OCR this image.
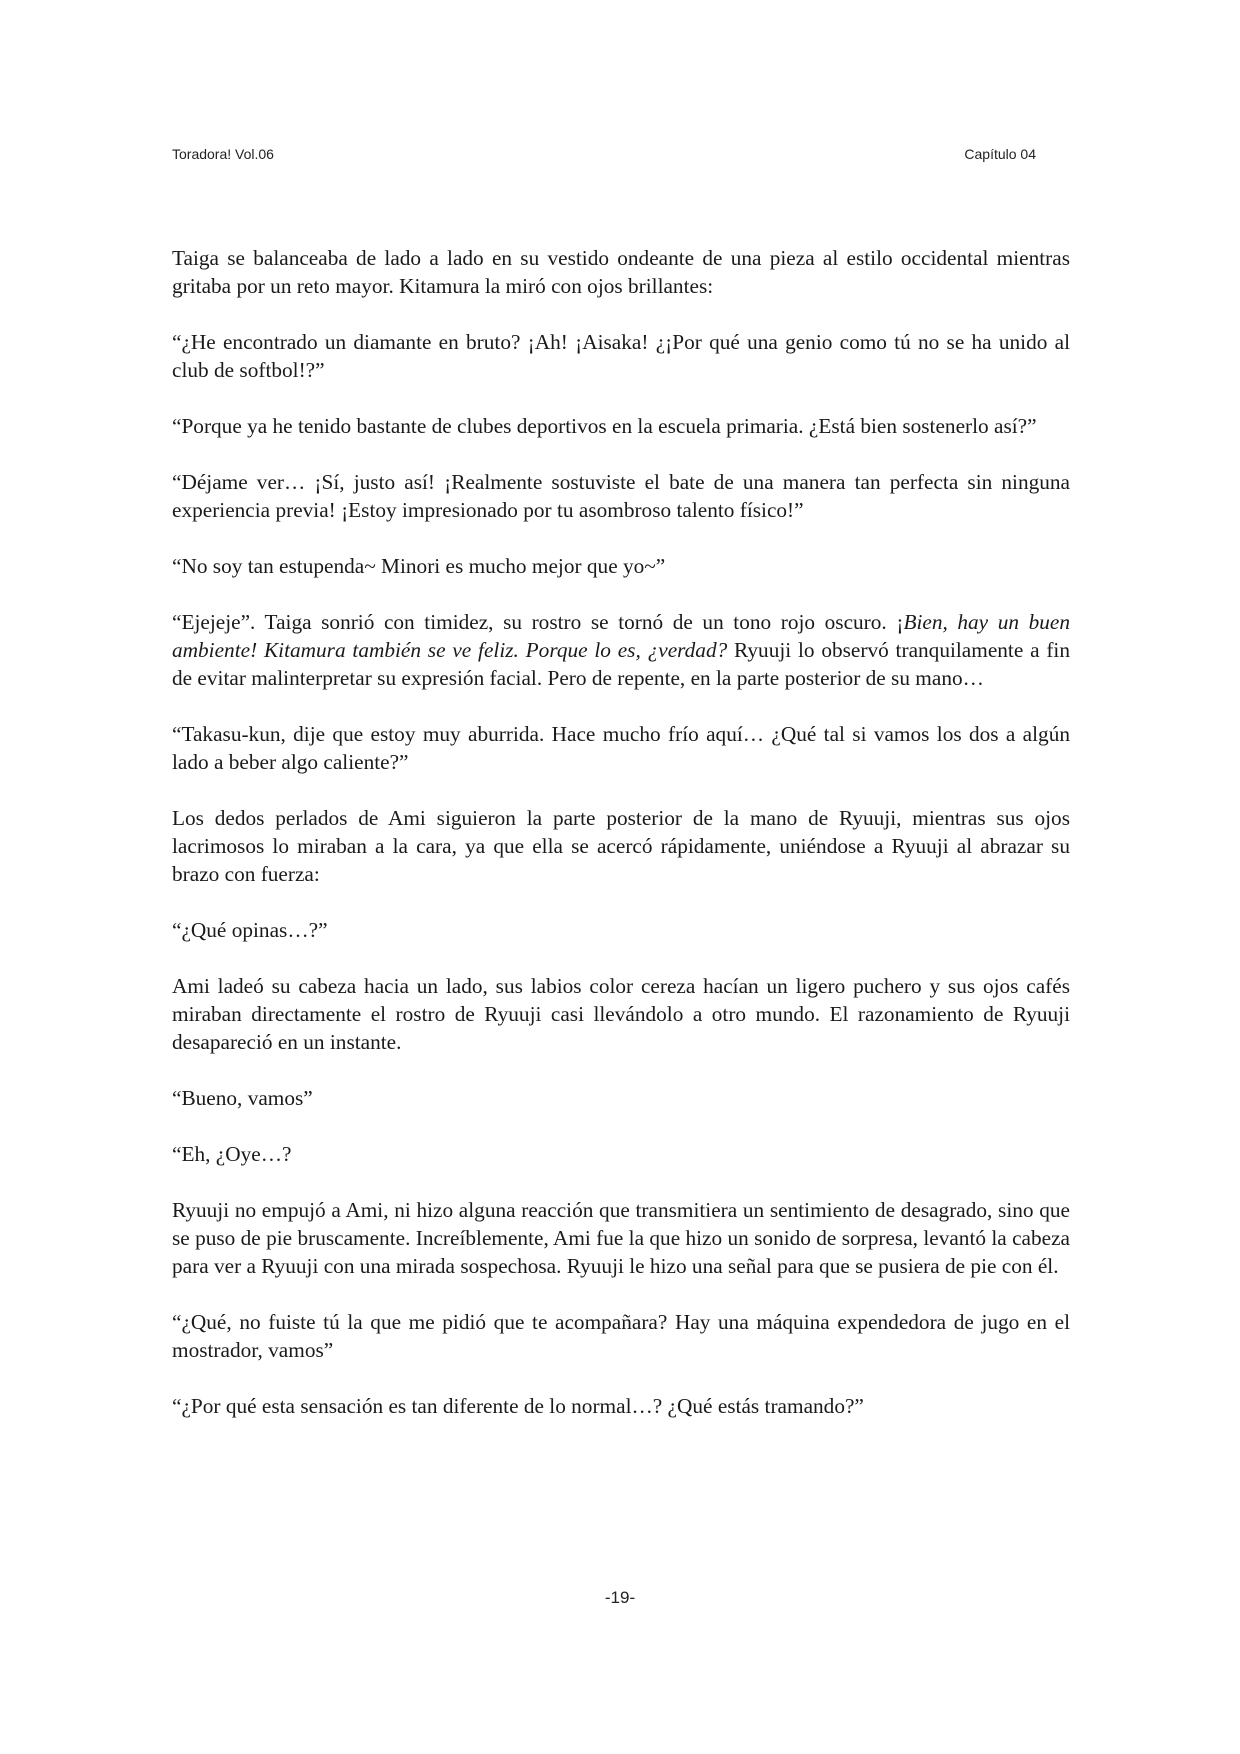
Toradora! Vol.06	Capítulo 04

Taiga se balanceaba de lado a lado en su vestido ondeante de una pieza al estilo occidental mientras gritaba por un reto mayor. Kitamura la miró con ojos brillantes:

“¿He encontrado un diamante en bruto? ¡Ah! ¡Aisaka! ¿¡Por qué una genio como tú no se ha unido al club de softbol!?”

“Porque ya he tenido bastante de clubes deportivos en la escuela primaria. ¿Está bien sostenerlo así?”

“Déjame ver… ¡Sí, justo así! ¡Realmente sostuviste el bate de una manera tan perfecta sin ninguna experiencia previa! ¡Estoy impresionado por tu asombroso talento físico!”

“No soy tan estupenda~ Minori es mucho mejor que yo~”

“Ejejeje”. Taiga sonrió con timidez, su rostro se tornó de un tono rojo oscuro. ¡Bien, hay un buen ambiente! Kitamura también se ve feliz. Porque lo es, ¿verdad? Ryuuji lo observó tranquilamente a fin de evitar malinterpretar su expresión facial. Pero de repente, en la parte posterior de su mano…

“Takasu-kun, dije que estoy muy aburrida. Hace mucho frío aquí… ¿Qué tal si vamos los dos a algún lado a beber algo caliente?”

Los dedos perlados de Ami siguieron la parte posterior de la mano de Ryuuji, mientras sus ojos lacrimosos lo miraban a la cara, ya que ella se acercó rápidamente, uniéndose a Ryuuji al abrazar su brazo con fuerza:

“¿Qué opinas…?”

Ami ladeó su cabeza hacia un lado, sus labios color cereza hacían un ligero puchero y sus ojos cafés miraban directamente el rostro de Ryuuji casi llevándolo a otro mundo. El razonamiento de Ryuuji desapareció en un instante.

“Bueno, vamos”

“Eh, ¿Oye…?

Ryuuji no empujó a Ami, ni hizo alguna reacción que transmitiera un sentimiento de desagrado, sino que se puso de pie bruscamente. Increíblemente, Ami fue la que hizo un sonido de sorpresa, levantó la cabeza para ver a Ryuuji con una mirada sospechosa. Ryuuji le hizo una señal para que se pusiera de pie con él.

“¿Qué, no fuiste tú la que me pidió que te acompañara? Hay una máquina expendedora de jugo en el mostrador, vamos”

“¿Por qué esta sensación es tan diferente de lo normal…? ¿Qué estás tramando?”

-19-
